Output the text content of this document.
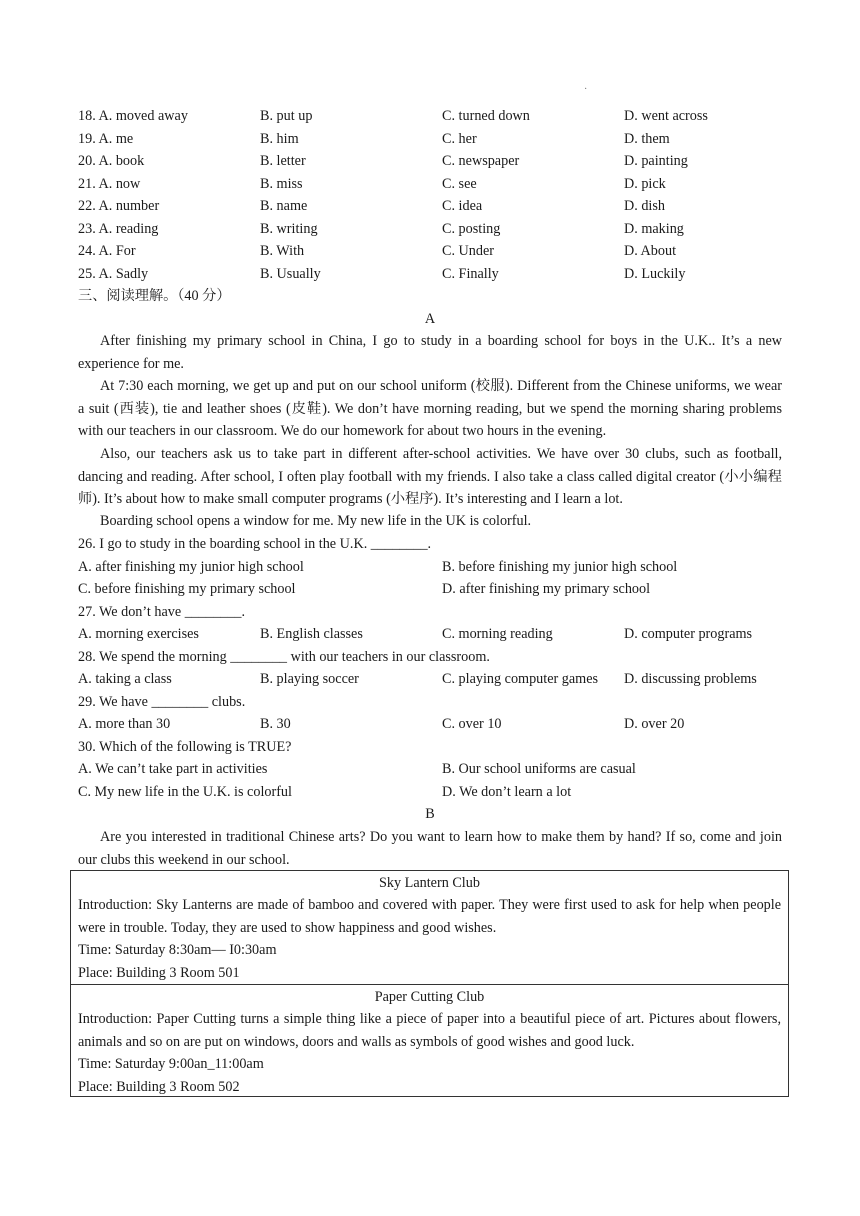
·
18. A. moved away	B. put up	C. turned down	D. went across
19. A. me	B. him	C. her	D. them
20. A. book	B. letter	C. newspaper	D. painting
21. A. now	B. miss	C. see	D. pick
22. A. number	B. name	C. idea	D. dish
23. A. reading	B. writing	C. posting	D. making
24. A. For	B. With	C. Under	D. About
25. A. Sadly	B. Usually	C. Finally	D. Luckily
三、阅读理解。（40 分）
A
After finishing my primary school in China, I go to study in a boarding school for boys in the U.K.. It’s a new experience for me.
At 7:30 each morning, we get up and put on our school uniform (校服). Different from the Chinese uniforms, we wear a suit (西装), tie and leather shoes (皮鞋). We don’t have morning reading, but we spend the morning sharing problems with our teachers in our classroom. We do our homework for about two hours in the evening.
Also, our teachers ask us to take part in different after-school activities. We have over 30 clubs, such as football, dancing and reading. After school, I often play football with my friends. I also take a class called digital creator (小小编程师). It’s about how to make small computer programs (小程序). It’s interesting and I learn a lot.
Boarding school opens a window for me. My new life in the UK is colorful.
26. I go to study in the boarding school in the U.K. ________.
A. after finishing my junior high school	B. before finishing my junior high school
C. before finishing my primary school	D. after finishing my primary school
27. We don’t have ________.
A. morning exercises	B. English classes	C. morning reading	D. computer programs
28. We spend the morning ________ with our teachers in our classroom.
A. taking a class	B. playing soccer	C. playing computer games D. discussing problems
29. We have ________ clubs.
A. more than 30	B. 30	C. over 10	D. over 20
30. Which of the following is TRUE?
A. We can’t take part in activities	B. Our school uniforms are casual
C. My new life in the U.K. is colorful	D. We don’t learn a lot
B
Are you interested in traditional Chinese arts? Do you want to learn how to make them by hand? If so, come and join our clubs this weekend in our school.
Sky Lantern Club
Introduction: Sky Lanterns are made of bamboo and covered with paper. They were first used to ask for help when people were in trouble. Today, they are used to show happiness and good wishes.
Time: Saturday 8:30am— I0:30am
Place: Building 3 Room 501
Paper Cutting Club
Introduction: Paper Cutting turns a simple thing like a piece of paper into a beautiful piece of art. Pictures about flowers, animals and so on are put on windows, doors and walls as symbols of good wishes and good luck.
Time: Saturday 9:00an_11:00am
Place: Building 3 Room 502
